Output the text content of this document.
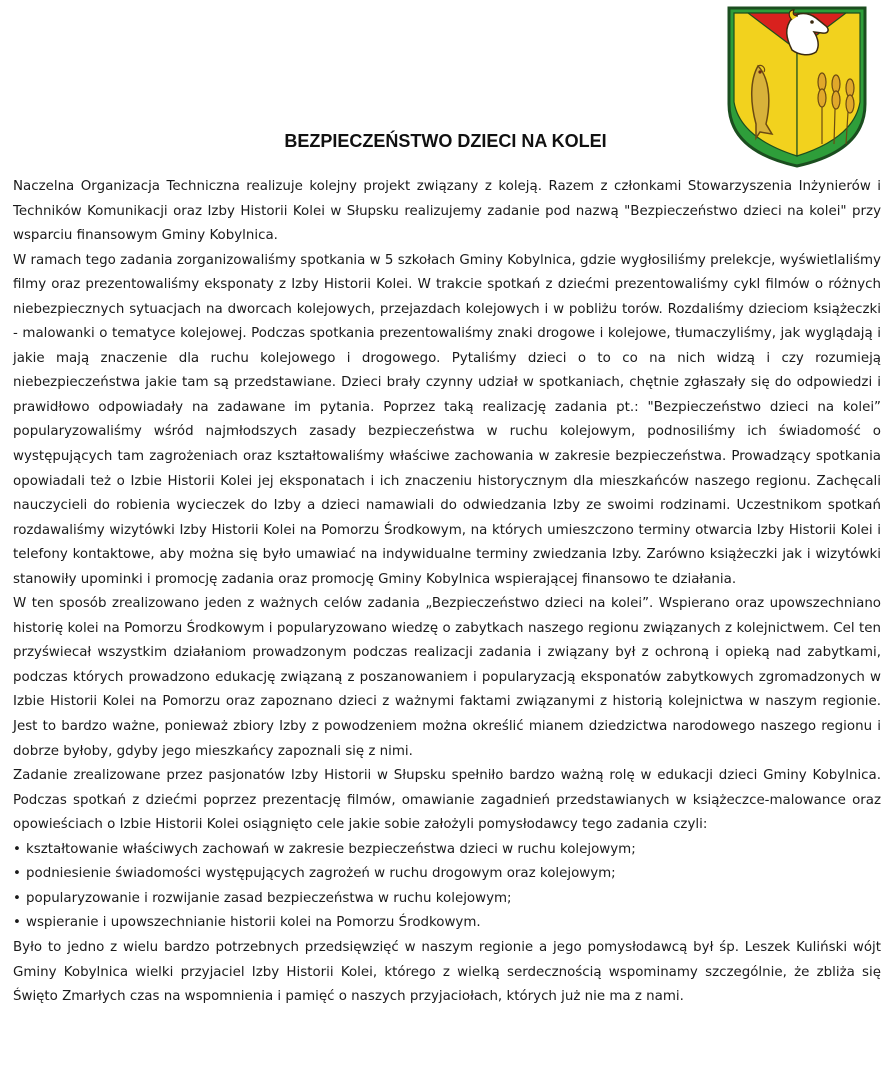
BEZPIECZEŃSTWO DZIECI NA KOLEI

Naczelna Organizacja Techniczna realizuje kolejny projekt związany z koleją. Razem z członkami Stowarzyszenia Inżynierów i Techników Komunikacji oraz Izby Historii Kolei w Słupsku realizujemy zadanie pod nazwą "Bezpieczeństwo dzieci na kolei" przy wsparciu finansowym Gminy Kobylnica.

W ramach tego zadania zorganizowaliśmy spotkania w 5 szkołach Gminy Kobylnica, gdzie wygłosiliśmy prelekcje, wyświetlaliśmy filmy oraz prezentowaliśmy eksponaty z Izby Historii Kolei. W trakcie spotkań z dziećmi prezentowaliśmy cykl filmów o różnych niebezpiecznych sytuacjach na dworcach kolejowych, przejazdach kolejowych i w pobliżu torów. Rozdaliśmy dzieciom książeczki - malowanki o tematyce kolejowej. Podczas spotkania prezentowaliśmy znaki drogowe i kolejowe, tłumaczyliśmy, jak wyglądają i jakie mają znaczenie dla ruchu kolejowego i drogowego. Pytaliśmy dzieci o to co na nich widzą i czy rozumieją niebezpieczeństwa jakie tam są przedstawiane. Dzieci brały czynny udział w spotkaniach, chętnie zgłaszały się do odpowiedzi i prawidłowo odpowiadały na zadawane im pytania. Poprzez taką realizację zadania pt.: "Bezpieczeństwo dzieci na kolei” popularyzowaliśmy wśród najmłodszych zasady bezpieczeństwa w ruchu kolejowym, podnosiliśmy ich świadomość o występujących tam zagrożeniach oraz kształtowaliśmy właściwe zachowania w zakresie bezpieczeństwa. Prowadzący spotkania opowiadali też o Izbie Historii Kolei jej eksponatach i ich znaczeniu historycznym dla mieszkańców naszego regionu. Zachęcali nauczycieli do robienia wycieczek do Izby a dzieci namawiali do odwiedzania Izby ze swoimi rodzinami. Uczestnikom spotkań rozdawaliśmy wizytówki Izby Historii Kolei na Pomorzu Środkowym, na których umieszczono terminy otwarcia Izby Historii Kolei i telefony kontaktowe, aby można się było umawiać na indywidualne terminy zwiedzania Izby. Zarówno książeczki jak i wizytówki stanowiły upominki i promocję zadania oraz promocję Gminy Kobylnica wspierającej finansowo te działania.

W ten sposób zrealizowano jeden z ważnych celów zadania „Bezpieczeństwo dzieci na kolei”. Wspierano oraz upowszechniano historię kolei na Pomorzu Środkowym i popularyzowano wiedzę o zabytkach naszego regionu związanych z kolejnictwem. Cel ten przyświecał wszystkim działaniom prowadzonym podczas realizacji zadania i związany był z ochroną i opieką nad zabytkami, podczas których prowadzono edukację związaną z poszanowaniem i popularyzacją eksponatów zabytkowych zgromadzonych w Izbie Historii Kolei na Pomorzu oraz zapoznano dzieci z ważnymi faktami związanymi z historią kolejnictwa w naszym regionie. Jest to bardzo ważne, ponieważ zbiory Izby z powodzeniem można określić mianem dziedzictwa narodowego naszego regionu i dobrze byłoby, gdyby jego mieszkańcy zapoznali się z nimi.

Zadanie zrealizowane przez pasjonatów Izby Historii w Słupsku spełniło bardzo ważną rolę w edukacji dzieci Gminy Kobylnica. Podczas spotkań z dziećmi poprzez prezentację filmów, omawianie zagadnień przedstawianych w książeczce-malowance oraz opowieściach o Izbie Historii Kolei osiągnięto cele jakie sobie założyli pomysłodawcy tego zadania czyli:

• kształtowanie właściwych zachowań w zakresie bezpieczeństwa dzieci w ruchu kolejowym;
• podniesienie świadomości występujących zagrożeń w ruchu drogowym oraz kolejowym;
• popularyzowanie i rozwijanie zasad bezpieczeństwa w ruchu kolejowym;
• wspieranie i upowszechnianie historii kolei na Pomorzu Środkowym.

Było to jedno z wielu bardzo potrzebnych przedsięwzięć w naszym regionie a jego pomysłodawcą był śp. Leszek Kuliński wójt Gminy Kobylnica wielki przyjaciel Izby Historii Kolei, którego z wielką serdecznością wspominamy szczególnie, że zbliża się Święto Zmarłych czas na wspomnienia i pamięć o naszych przyjaciołach, których już nie ma z nami.
